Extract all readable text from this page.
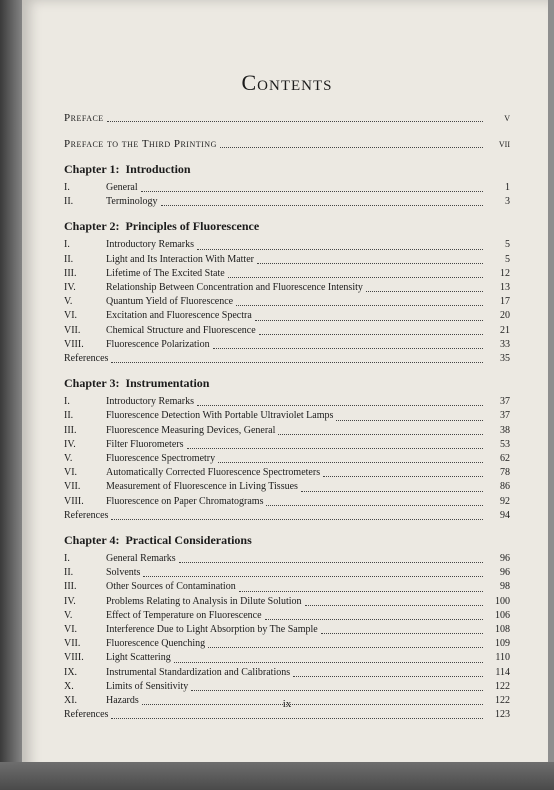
Contents
Preface	v
Preface to the Third Printing	vii
Chapter 1: Introduction
I.	General	1
II.	Terminology	3
Chapter 2: Principles of Fluorescence
I.	Introductory Remarks	5
II.	Light and Its Interaction With Matter	5
III.	Lifetime of The Excited State	12
IV.	Relationship Between Concentration and Fluorescence Intensity	13
V.	Quantum Yield of Fluorescence	17
VI.	Excitation and Fluorescence Spectra	20
VII.	Chemical Structure and Fluorescence	21
VIII.	Fluorescence Polarization	33
References	35
Chapter 3: Instrumentation
I.	Introductory Remarks	37
II.	Fluorescence Detection With Portable Ultraviolet Lamps	37
III.	Fluorescence Measuring Devices, General	38
IV.	Filter Fluorometers	53
V.	Fluorescence Spectrometry	62
VI.	Automatically Corrected Fluorescence Spectrometers	78
VII.	Measurement of Fluorescence in Living Tissues	86
VIII.	Fluorescence on Paper Chromatograms	92
References	94
Chapter 4: Practical Considerations
I.	General Remarks	96
II.	Solvents	96
III.	Other Sources of Contamination	98
IV.	Problems Relating to Analysis in Dilute Solution	100
V.	Effect of Temperature on Fluorescence	106
VI.	Interference Due to Light Absorption by The Sample	108
VII.	Fluorescence Quenching	109
VIII.	Light Scattering	110
IX.	Instrumental Standardization and Calibrations	114
X.	Limits of Sensitivity	122
XI.	Hazards	122
References	123
ix
